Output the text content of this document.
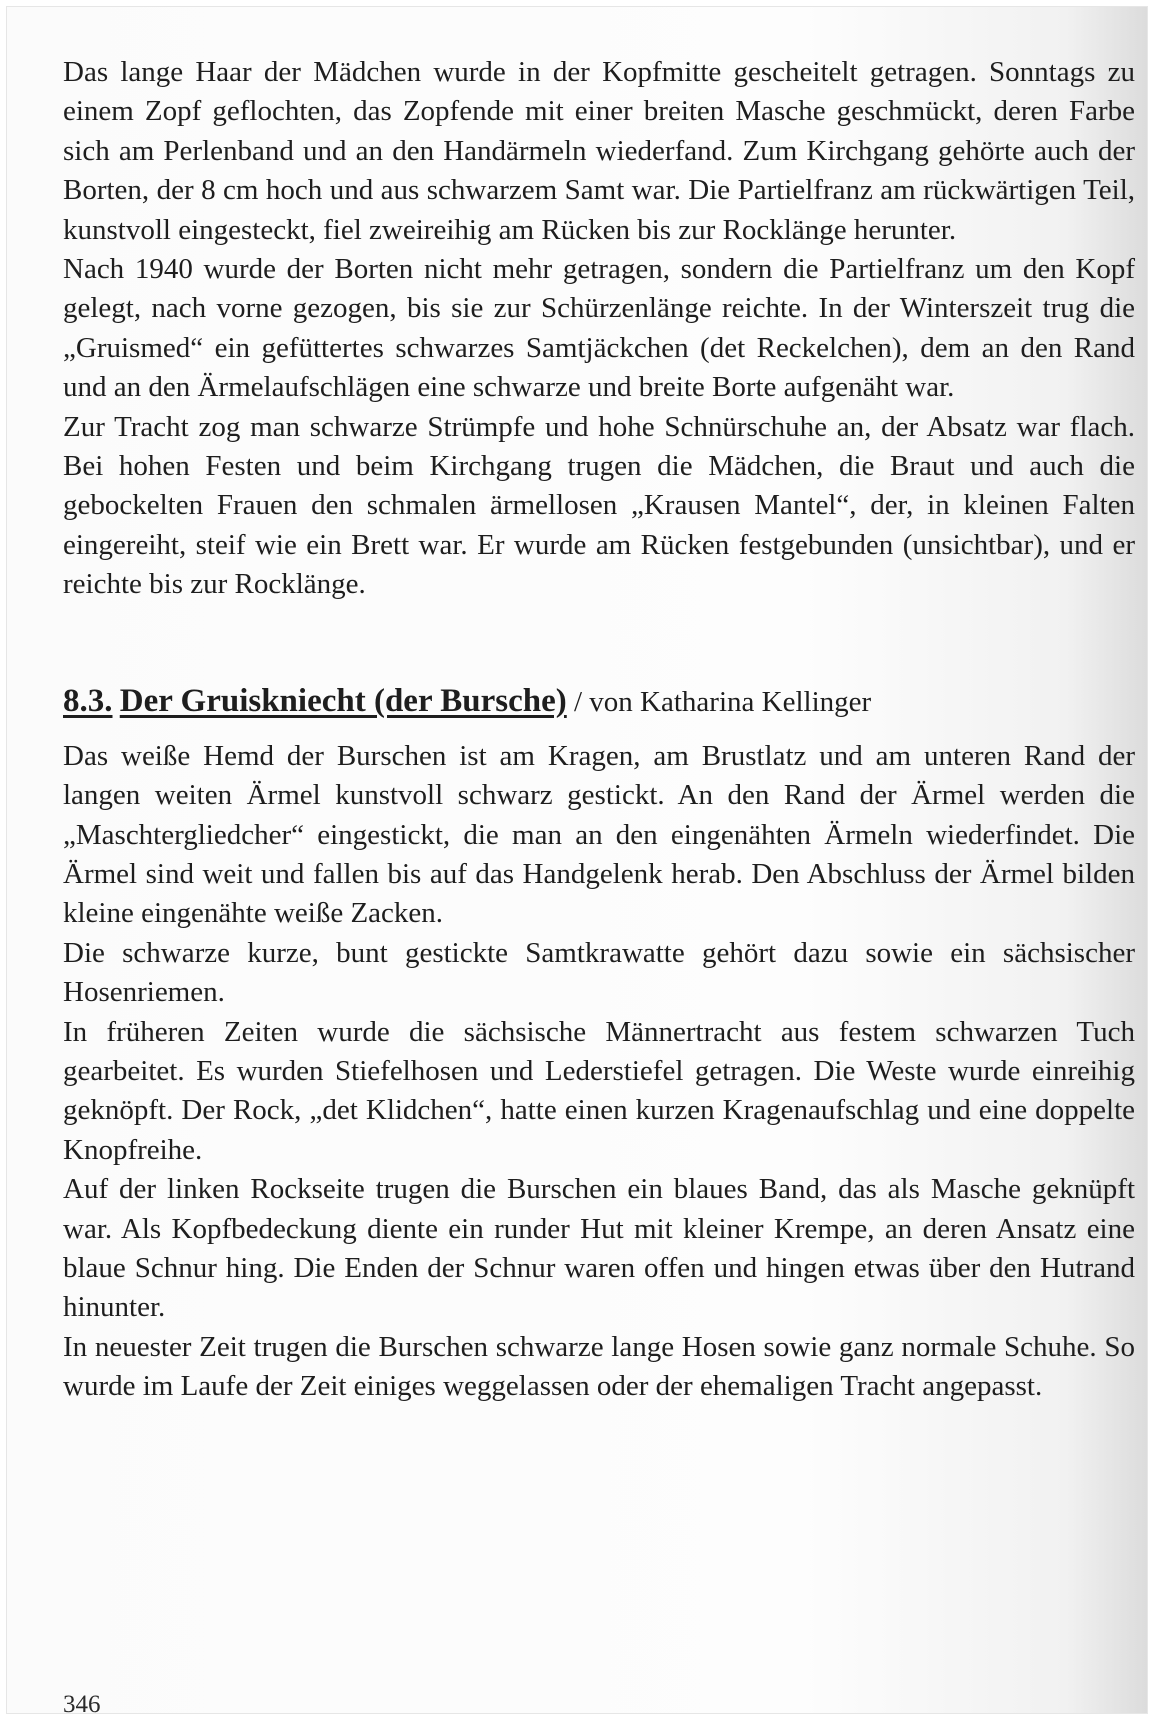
Das lange Haar der Mädchen wurde in der Kopfmitte gescheitelt getragen. Sonntags zu einem Zopf geflochten, das Zopfende mit einer breiten Masche geschmückt, deren Farbe sich am Perlenband und an den Handärmeln wiederfand. Zum Kirchgang gehörte auch der Borten, der 8 cm hoch und aus schwarzem Samt war. Die Partielfranz am rückwärtigen Teil, kunstvoll eingesteckt, fiel zweireihig am Rücken bis zur Rocklänge herunter.

Nach 1940 wurde der Borten nicht mehr getragen, sondern die Partielfranz um den Kopf gelegt, nach vorne gezogen, bis sie zur Schürzenlänge reichte. In der Winterszeit trug die „Gruismed“ ein gefüttertes schwarzes Samtjäckchen (det Reckelchen), dem an den Rand und an den Ärmelaufschlägen eine schwarze und breite Borte aufgenäht war.

Zur Tracht zog man schwarze Strümpfe und hohe Schnürschuhe an, der Absatz war flach. Bei hohen Festen und beim Kirchgang trugen die Mädchen, die Braut und auch die gebockelten Frauen den schmalen ärmellosen „Krausen Mantel“, der, in kleinen Falten eingereiht, steif wie ein Brett war. Er wurde am Rücken festgebunden (unsichtbar), und er reichte bis zur Rocklänge.

8.3. Der Gruiskniecht (der Bursche) / von Katharina Kellinger

Das weiße Hemd der Burschen ist am Kragen, am Brustlatz und am unteren Rand der langen weiten Ärmel kunstvoll schwarz gestickt. An den Rand der Ärmel werden die „Maschtergliedcher“ eingestickt, die man an den eingenähten Ärmeln wiederfindet. Die Ärmel sind weit und fallen bis auf das Handgelenk herab. Den Abschluss der Ärmel bilden kleine eingenähte weiße Zacken.

Die schwarze kurze, bunt gestickte Samtkrawatte gehört dazu sowie ein sächsischer Hosenriemen.

In früheren Zeiten wurde die sächsische Männertracht aus festem schwarzen Tuch gearbeitet. Es wurden Stiefelhosen und Lederstiefel getragen. Die Weste wurde einreihig geknöpft. Der Rock, „det Klidchen“, hatte einen kurzen Kragenaufschlag und eine doppelte Knopfreihe.

Auf der linken Rockseite trugen die Burschen ein blaues Band, das als Masche geknüpft war. Als Kopfbedeckung diente ein runder Hut mit kleiner Krempe, an deren Ansatz eine blaue Schnur hing. Die Enden der Schnur waren offen und hingen etwas über den Hutrand hinunter.

In neuester Zeit trugen die Burschen schwarze lange Hosen sowie ganz normale Schuhe. So wurde im Laufe der Zeit einiges weggelassen oder der ehemaligen Tracht angepasst.

346
